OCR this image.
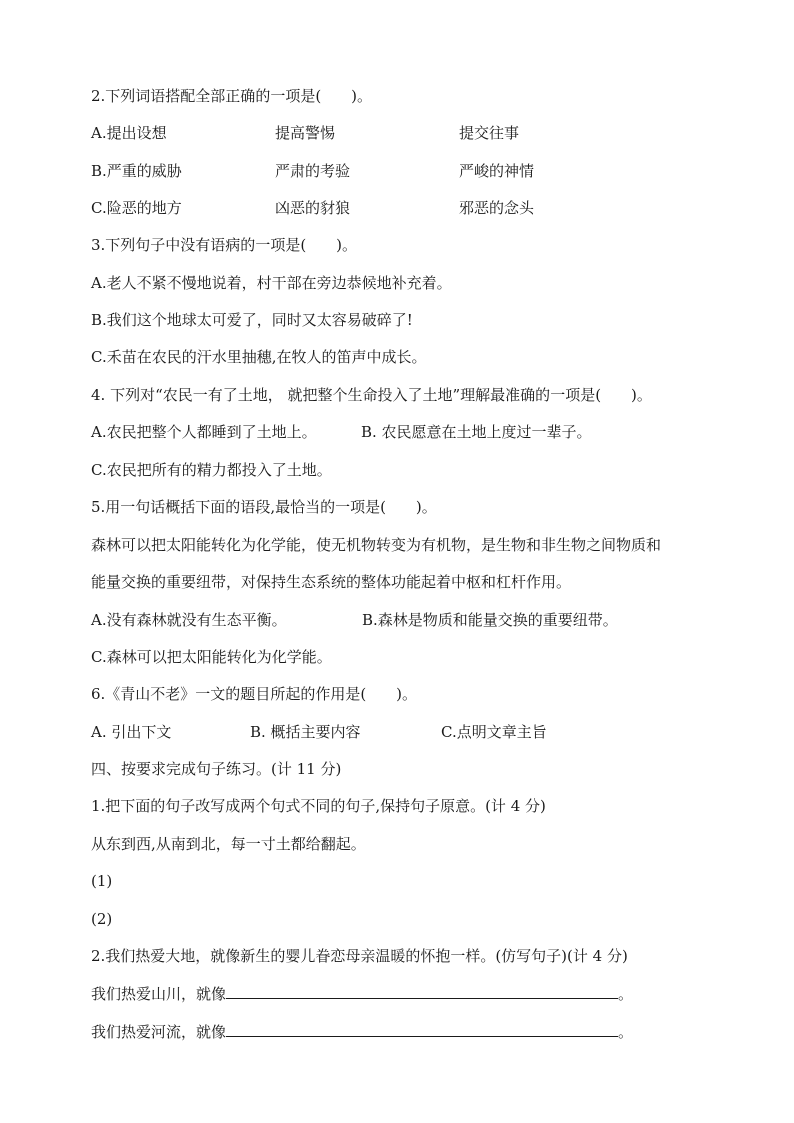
2.下列词语搭配全部正确的一项是(　　)。
A.提出设想	提高警惕	提交往事
B.严重的威胁	严肃的考验	严峻的神情
C.险恶的地方	凶恶的豺狼	邪恶的念头
3.下列句子中没有语病的一项是(　　)。
A.老人不紧不慢地说着，村干部在旁边恭候地补充着。
B.我们这个地球太可爱了，同时又太容易破碎了!
C.禾苗在农民的汗水里抽穗,在牧人的笛声中成长。
4. 下列对“农民一有了土地， 就把整个生命投入了土地”理解最准确的一项是(　　)。
A.农民把整个人都睡到了土地上。	B. 农民愿意在土地上度过一辈子。
C.农民把所有的精力都投入了土地。
5.用一句话概括下面的语段,最恰当的一项是(　　)。
森林可以把太阳能转化为化学能，使无机物转变为有机物，是生物和非生物之间物质和
能量交换的重要纽带，对保持生态系统的整体功能起着中枢和杠杆作用。
A.没有森林就没有生态平衡。	B.森林是物质和能量交换的重要纽带。
C.森林可以把太阳能转化为化学能。
6.《青山不老》一文的题目所起的作用是(　　)。
A. 引出下文	B. 概括主要内容	C.点明文章主旨
四、按要求完成句子练习。(计 11 分)
1.把下面的句子改写成两个句式不同的句子,保持句子原意。(计 4 分)
从东到西,从南到北，每一寸土都给翻起。
(1)
(2)
2.我们热爱大地，就像新生的婴儿眷恋母亲温暖的怀抱一样。(仿写句子)(计 4 分)
我们热爱山川，就像	。
我们热爱河流，就像	。
